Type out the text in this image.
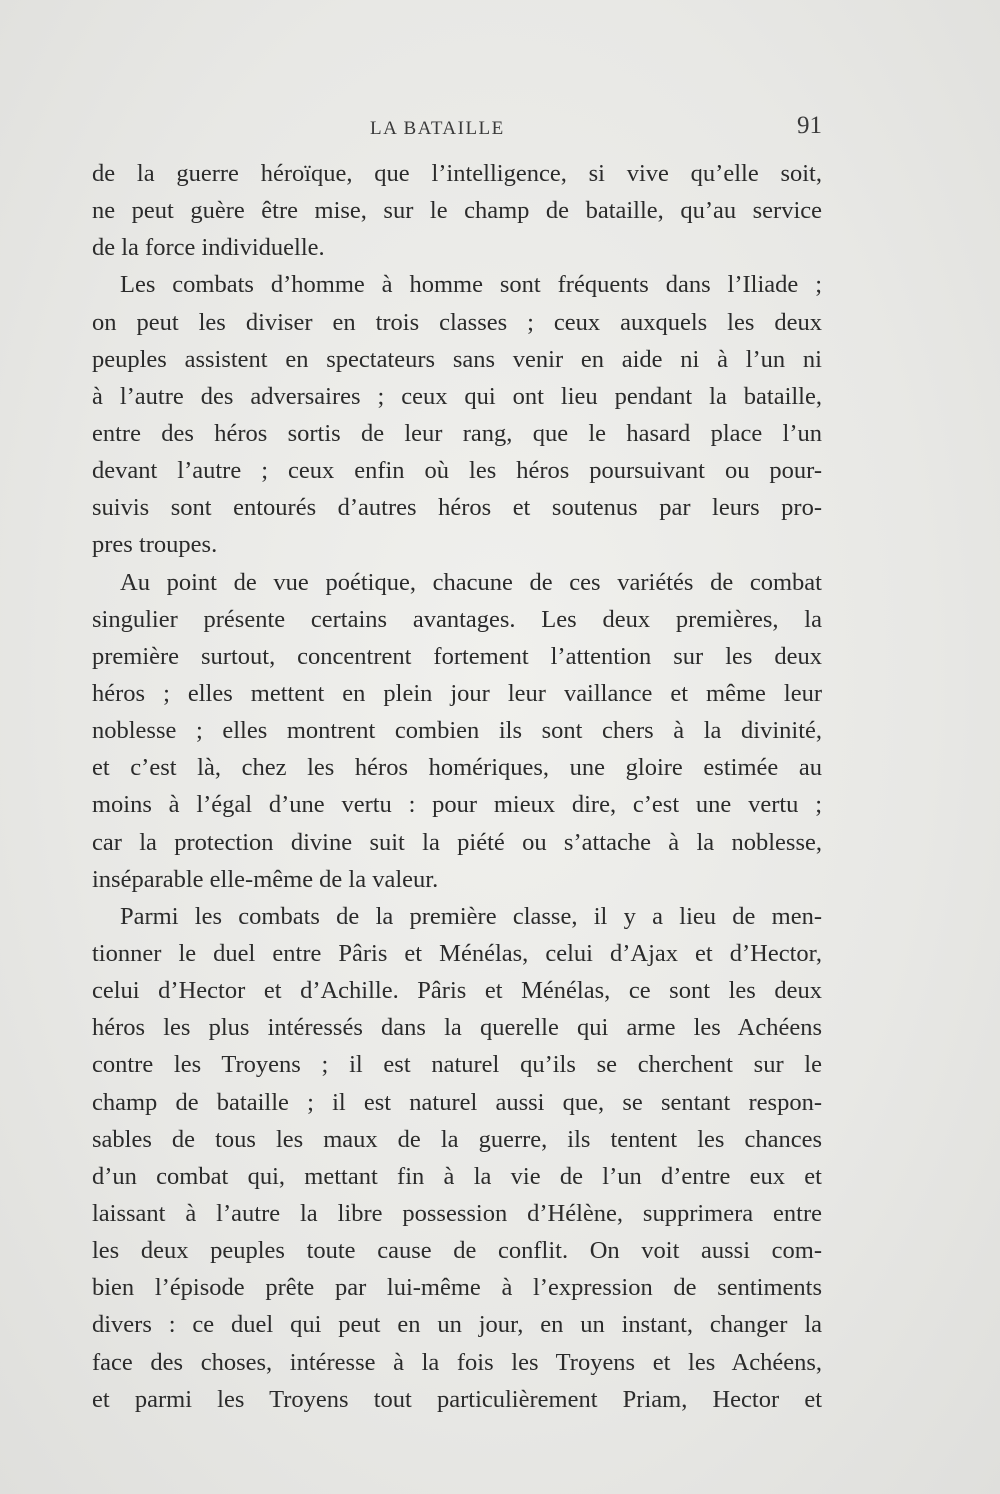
LA BATAILLE	91
de la guerre héroïque, que l’intelligence, si vive qu’elle soit,
ne peut guère être mise, sur le champ de bataille, qu’au service
de la force individuelle.
Les combats d’homme à homme sont fréquents dans l’Iliade ;
on peut les diviser en trois classes ; ceux auxquels les deux
peuples assistent en spectateurs sans venir en aide ni à l’un ni
à l’autre des adversaires ; ceux qui ont lieu pendant la bataille,
entre des héros sortis de leur rang, que le hasard place l’un
devant l’autre ; ceux enfin où les héros poursuivant ou pour-
suivis sont entourés d’autres héros et soutenus par leurs pro-
pres troupes.
Au point de vue poétique, chacune de ces variétés de combat
singulier présente certains avantages. Les deux premières, la
première surtout, concentrent fortement l’attention sur les deux
héros ; elles mettent en plein jour leur vaillance et même leur
noblesse ; elles montrent combien ils sont chers à la divinité,
et c’est là, chez les héros homériques, une gloire estimée au
moins à l’égal d’une vertu : pour mieux dire, c’est une vertu ;
car la protection divine suit la piété ou s’attache à la noblesse,
inséparable elle-même de la valeur.
Parmi les combats de la première classe, il y a lieu de men-
tionner le duel entre Pâris et Ménélas, celui d’Ajax et d’Hector,
celui d’Hector et d’Achille. Pâris et Ménélas, ce sont les deux
héros les plus intéressés dans la querelle qui arme les Achéens
contre les Troyens ; il est naturel qu’ils se cherchent sur le
champ de bataille ; il est naturel aussi que, se sentant respon-
sables de tous les maux de la guerre, ils tentent les chances
d’un combat qui, mettant fin à la vie de l’un d’entre eux et
laissant à l’autre la libre possession d’Hélène, supprimera entre
les deux peuples toute cause de conflit. On voit aussi com-
bien l’épisode prête par lui-même à l’expression de sentiments
divers : ce duel qui peut en un jour, en un instant, changer la
face des choses, intéresse à la fois les Troyens et les Achéens,
et parmi les Troyens tout particulièrement Priam, Hector et
